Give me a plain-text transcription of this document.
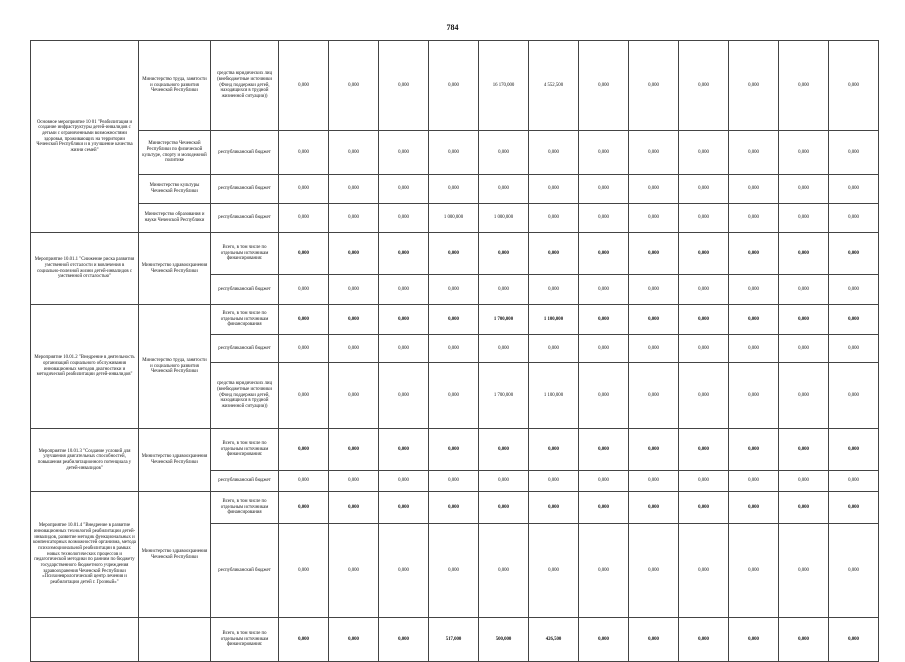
784
Основное мероприятие 10 01 "Реабилитация и создание инфраструктуры детей-инвалидов с детьми с ограниченными возможностями здоровья, проживающих на территории Чеченской Республики и в улучшение качества жизни семей"	Министерство труда, занятости и социального развития Чеченской Республики	средства юридических лиц (внебюджетные источники (Фонд поддержки детей, находящихся в трудной жизненной ситуации))	0,000	0,000	0,000	0,000	16 170,000	4 552,500	0,000	0,000	0,000	0,000	0,000	0,000
	Министерство Чеченской Республики по физической культуре, спорту и молодежной политике	республиканский бюджет	0,000	0,000	0,000	0,000	0,000	0,000	0,000	0,000	0,000	0,000	0,000	0,000
	Министерство культуры Чеченской Республики	республиканский бюджет	0,000	0,000	0,000	0,000	0,000	0,000	0,000	0,000	0,000	0,000	0,000	0,000
	Министерство образования и науки Чеченской Республики	республиканский бюджет	0,000	0,000	0,000	1 000,000	1 000,000	0,000	0,000	0,000	0,000	0,000	0,000	0,000
Мероприятие 10.01.1 "Снижение риска развития умственной отсталости и вовлечения в социально-полезной жизни детей-инвалидов с умственной отсталостью"	Министерство здравоохранения Чеченской Республики	Всего, в том числе по отдельным источникам финансирования:	0,000	0,000	0,000	0,000	0,000	0,000	0,000	0,000	0,000	0,000	0,000	0,000
		республиканский бюджет	0,000	0,000	0,000	0,000	0,000	0,000	0,000	0,000	0,000	0,000	0,000	0,000
Мероприятие 10.01.2 "Внедрение в деятельность организаций социального обслуживания инновационных методов диагностики и методической реабилитации детей-инвалидов"	Министерство труда, занятости и социального развития Чеченской Республики	Всего, в том числе по отдельным источникам финансирования	0,000	0,000	0,000	0,000	1 700,000	1 100,000	0,000	0,000	0,000	0,000	0,000	0,000
		республиканский бюджет	0,000	0,000	0,000	0,000	0,000	0,000	0,000	0,000	0,000	0,000	0,000	0,000
		средства юридических лиц (внебюджетные источники (Фонд поддержки детей, находящихся в трудной жизненной ситуации))	0,000	0,000	0,000	0,000	1 700,000	1 100,000	0,000	0,000	0,000	0,000	0,000	0,000
Мероприятие 10.01.3 "Создание условий для улучшения двигательных способностей, повышения реабилитационного потенциала у детей-инвалидов"	Министерство здравоохранения Чеченской Республики	Всего, в том числе по отдельным источникам финансирования:	0,000	0,000	0,000	0,000	0,000	0,000	0,000	0,000	0,000	0,000	0,000	0,000
		республиканский бюджет	0,000	0,000	0,000	0,000	0,000	0,000	0,000	0,000	0,000	0,000	0,000	0,000
Мероприятие 10.01.4 "Внедрение в развитие инновационных технологий реабилитации детей-инвалидов, развитие методик функциональных и компенсаторных возможностей организма, метода психоэмоциональной реабилитации в рамках новых технологических процессов и педагогической методики по ранним по бюджету государственного бюджетного учреждения здравоохранения Чеченской Республики «Психоневрологический центр лечения и реабилитации детей г. Грозный»"	Министерство здравоохранения Чеченской Республики	Всего, в том числе по отдельным источникам финансирования	0,000	0,000	0,000	0,000	0,000	0,000	0,000	0,000	0,000	0,000	0,000	0,000
		республиканский бюджет	0,000	0,000	0,000	0,000	0,000	0,000	0,000	0,000	0,000	0,000	0,000	0,000
		Всего, в том числе по отдельным источникам финансирования:	0,000	0,000	0,000	517,000	500,000	426,500	0,000	0,000	0,000	0,000	0,000	0,000
